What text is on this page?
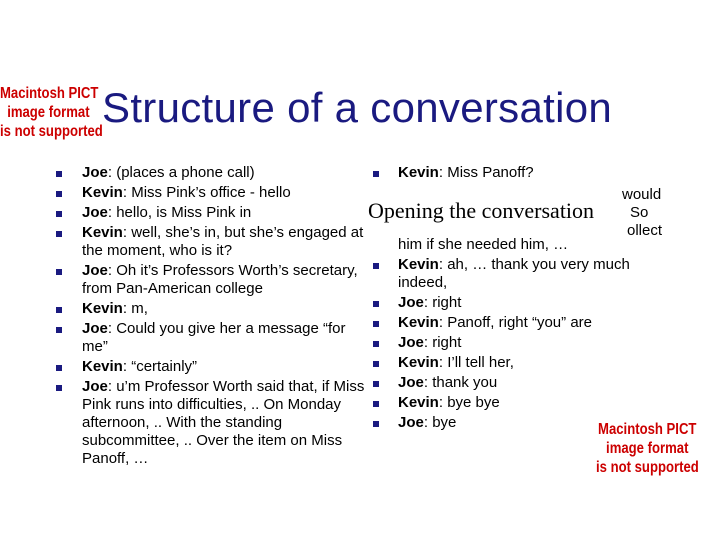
Macintosh PICT
image format
is not supported
Structure of a conversation
Joe: (places a phone call)
Kevin: Miss Pink’s office - hello
Joe: hello, is Miss Pink in
Kevin: well, she’s in, but she’s engaged at the moment, who is it?
Joe: Oh it’s Professors Worth’s secretary, from Pan-American college
Kevin: m,
Joe: Could you give her a message “for me”
Kevin: “certainly”
Joe: u’m Professor Worth said that, if Miss Pink runs into difficulties, .. On Monday afternoon, .. With the standing subcommittee, .. Over the item on Miss Panoff, …
Kevin: Miss Panoff?
him if she needed him, …
Kevin: ah, … thank you very much indeed,
Joe: right
Kevin: Panoff, right “you” are
Joe: right
Kevin: I’ll tell her,
Joe: thank you
Kevin: bye bye
Joe: bye
would
So
ollect
Opening the conversation
Macintosh PICT
image format
is not supported
